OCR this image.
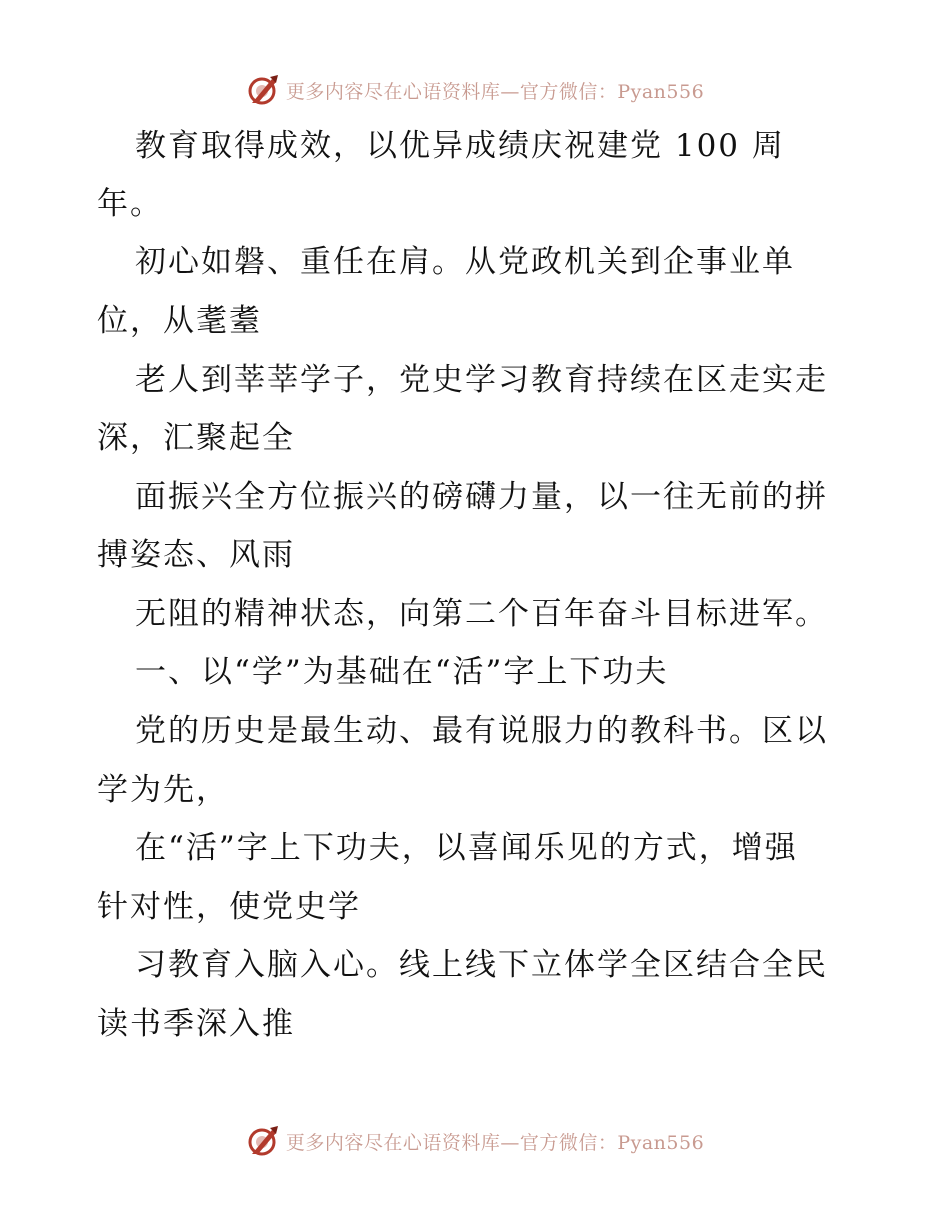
更多内容尽在心语资料库—官方微信：Pyan556
教育取得成效，以优异成绩庆祝建党 100 周
年。
初心如磐、重任在肩。从党政机关到企事业单
位，从耄耋
老人到莘莘学子，党史学习教育持续在区走实走
深，汇聚起全
面振兴全方位振兴的磅礴力量，以一往无前的拼
搏姿态、风雨
无阻的精神状态，向第二个百年奋斗目标进军。
一、以“学”为基础在“活”字上下功夫
党的历史是最生动、最有说服力的教科书。区以
学为先，
在“活”字上下功夫，以喜闻乐见的方式，增强
针对性，使党史学
习教育入脑入心。线上线下立体学全区结合全民
读书季深入推
更多内容尽在心语资料库—官方微信：Pyan556
